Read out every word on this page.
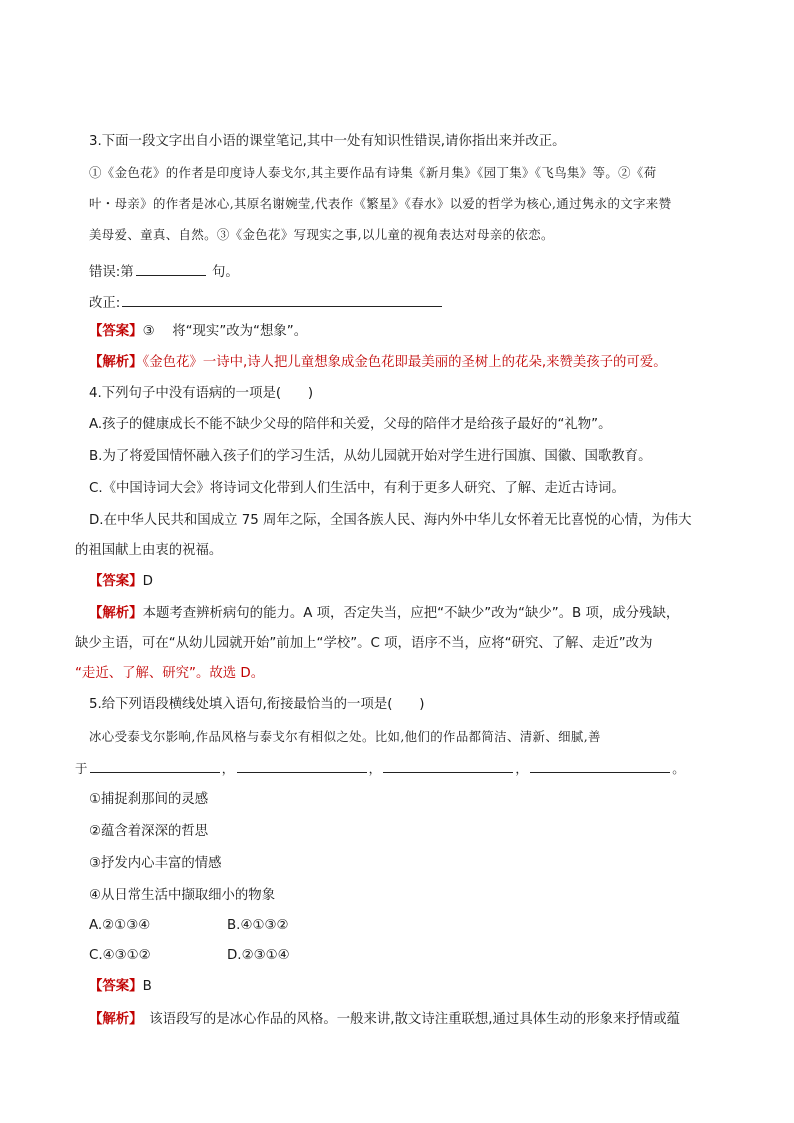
3.下面一段文字出自小语的课堂笔记,其中一处有知识性错误,请你指出来并改正。
①《金色花》的作者是印度诗人泰戈尔,其主要作品有诗集《新月集》《园丁集》《飞鸟集》等。②《荷
叶・母亲》的作者是冰心,其原名谢婉莹,代表作《繁星》《春水》以爱的哲学为核心,通过隽永的文字来赞
美母爱、童真、自然。③《金色花》写现实之事,以儿童的视角表达对母亲的依恋。
错误:第	句。
改正:
【答案】③　 将“现实”改为“想象”。
【解析】《金色花》一诗中,诗人把儿童想象成金色花即最美丽的圣树上的花朵,来赞美孩子的可爱。
4.下列句子中没有语病的一项是(　　)
A.孩子的健康成长不能不缺少父母的陪伴和关爱，父母的陪伴才是给孩子最好的“礼物”。
B.为了将爱国情怀融入孩子们的学习生活，从幼儿园就开始对学生进行国旗、国徽、国歌教育。
C.《中国诗词大会》将诗词文化带到人们生活中，有利于更多人研究、了解、走近古诗词。
D.在中华人民共和国成立 75 周年之际，全国各族人民、海内外中华儿女怀着无比喜悦的心情，为伟大
的祖国献上由衷的祝福。
【答案】D
【解析】本题考查辨析病句的能力。A 项，否定失当，应把“不缺少”改为“缺少”。B 项，成分残缺，
缺少主语，可在“从幼儿园就开始”前加上“学校”。C 项，语序不当，应将“研究、了解、走近”改为
“走近、了解、研究”。故选 D。
5.给下列语段横线处填入语句,衔接最恰当的一项是(　　)
冰心受泰戈尔影响,作品风格与泰戈尔有相似之处。比如,他们的作品都简洁、清新、细腻,善
于	，	，	，	。
①捕捉刹那间的灵感
②蕴含着深深的哲思
③抒发内心丰富的情感
④从日常生活中撷取细小的物象
A.②①③④	B.④①③②
C.④③①②	D.②③①④
【答案】B
【解析】　该语段写的是冰心作品的风格。一般来讲,散文诗注重联想,通过具体生动的形象来抒情或蕴
